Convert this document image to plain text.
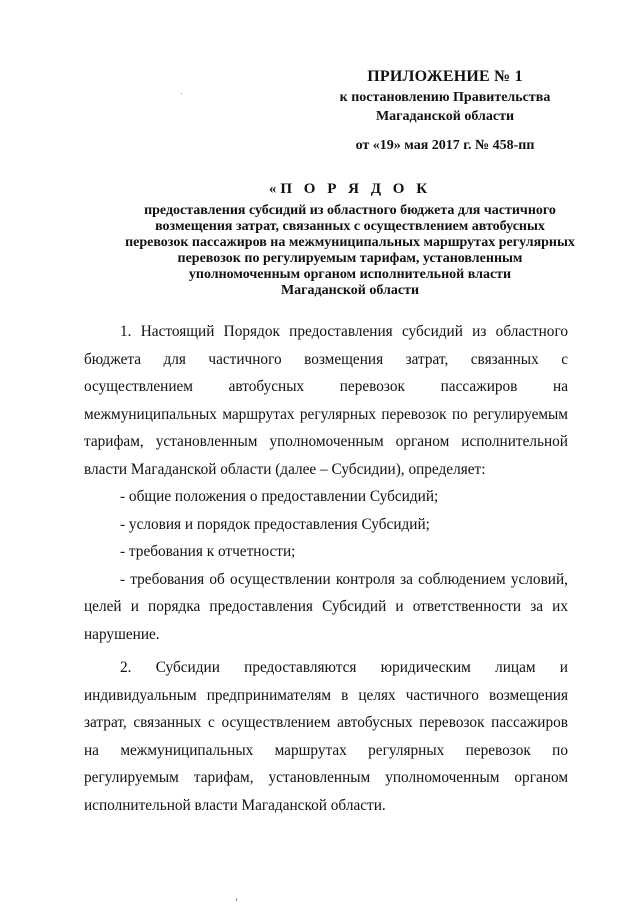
ПРИЛОЖЕНИЕ № 1
к постановлению Правительства
Магаданской области
от «19» мая 2017 г. № 458-пп
«П О Р Я Д О К
предоставления субсидий из областного бюджета для частичного
возмещения затрат, связанных с осуществлением автобусных
перевозок пассажиров на межмуниципальных маршрутах регулярных
перевозок по регулируемым тарифам, установленным
уполномоченным органом исполнительной власти
Магаданской области

1. Настоящий Порядок предоставления субсидий из областного бюджета для частичного возмещения затрат, связанных с осуществлением автобусных перевозок пассажиров на межмуниципальных маршрутах регулярных перевозок по регулируемым тарифам, установленным уполномоченным органом исполнительной власти Магаданской области (далее – Субсидии), определяет:

- общие положения о предоставлении Субсидий;

- условия и порядок предоставления Субсидий;

- требования к отчетности;

- требования об осуществлении контроля за соблюдением условий, целей и порядка предоставления Субсидий и ответственности за их нарушение.

2. Субсидии предоставляются юридическим лицам и индивидуальным предпринимателям в целях частичного возмещения затрат, связанных с осуществлением автобусных перевозок пассажиров на межмуниципальных маршрутах регулярных перевозок по регулируемым тарифам, установленным уполномоченным органом исполнительной власти Магаданской области.
